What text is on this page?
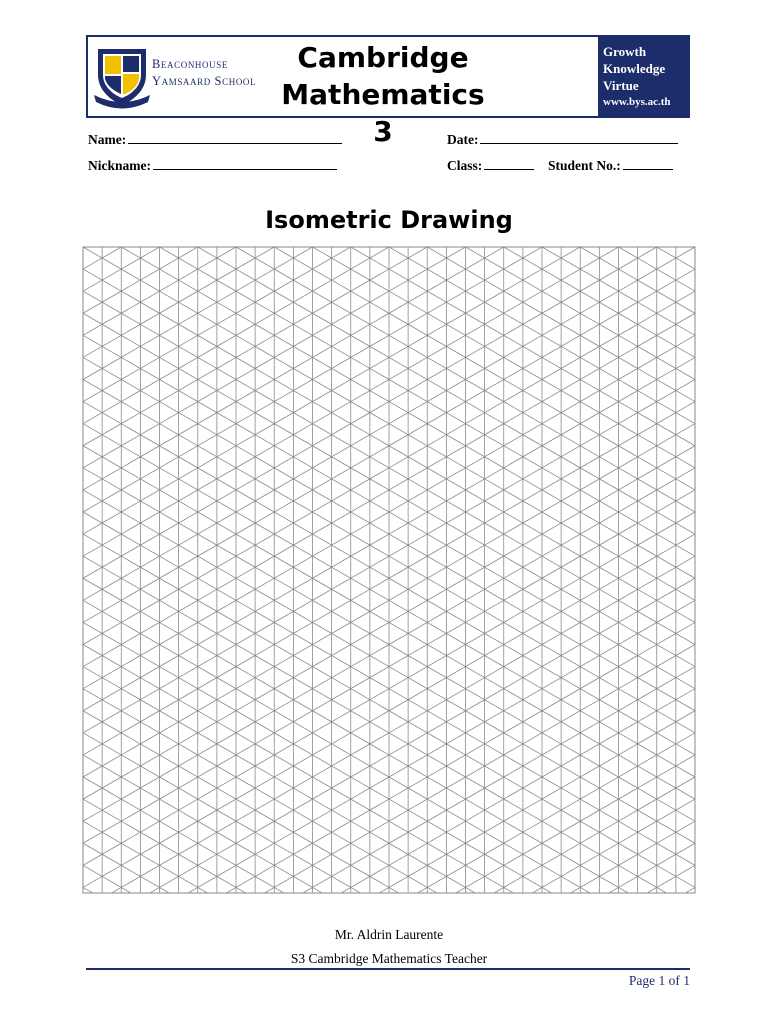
Beaconhouse
Yamsaard School
Cambridge
Mathematics 3
Growth
Knowledge
Virtue
www.bys.ac.th
Name:	Date:
Nickname:	Class:	Student No.:
Isometric Drawing
Mr. Aldrin Laurente
S3 Cambridge Mathematics Teacher
Page 1 of 1
